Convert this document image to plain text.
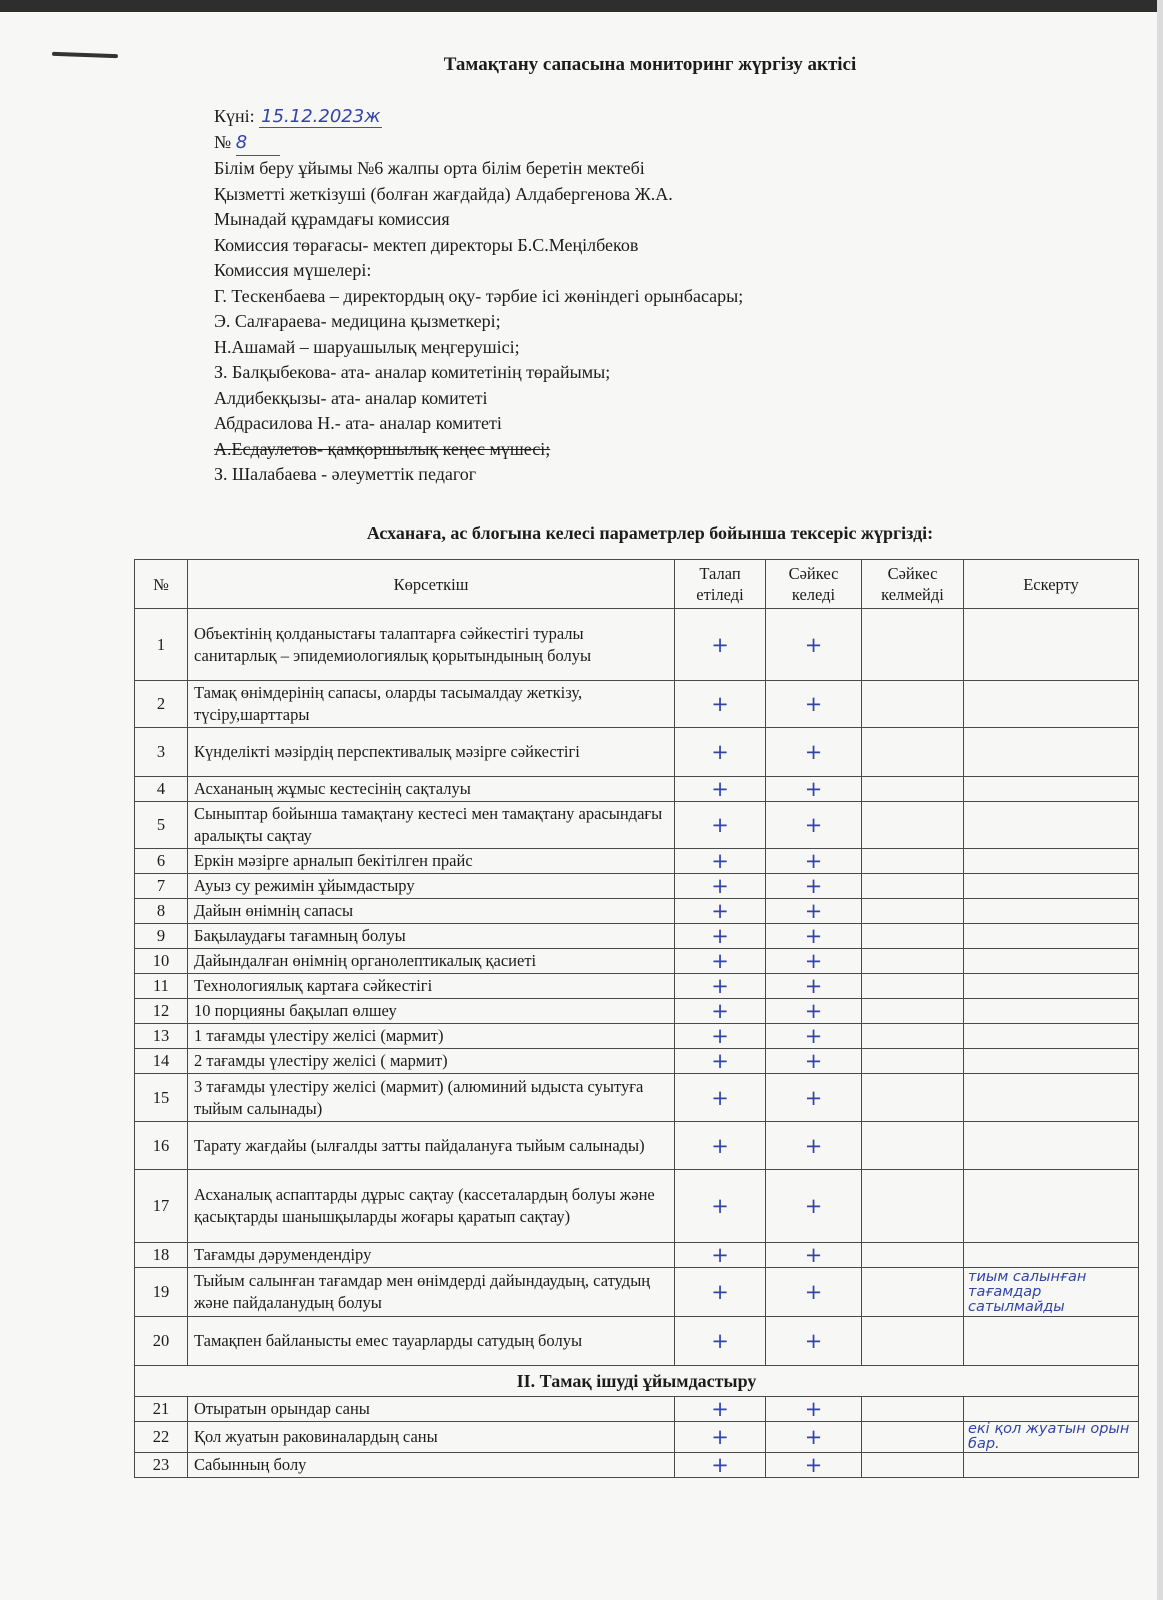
Тамақтану сапасына мониторинг жүргізу актісі
Күні: 15.12.2023ж
№ 8
Білім беру ұйымы №6 жалпы орта білім беретін мектебі
Қызметті жеткізуші (болған жағдайда) Алдабергенова Ж.А.
Мынадай құрамдағы комиссия
Комиссия төрағасы- мектеп директоры Б.С.Меңілбеков
Комиссия мүшелері:
Г. Тескенбаева – директордың оқу- тәрбие ісі жөніндегі орынбасары;
Э. Салғараева- медицина қызметкері;
Н.Ашамай – шаруашылық меңгерушісі;
З. Балқыбекова- ата- аналар комитетінің төрайымы;
Алдибекқызы- ата- аналар комитеті
Абдрасилова Н.- ата- аналар комитеті
А.Есдаулетов- қамқоршылық кеңес мүшесі;
З. Шалабаева - әлеуметтік педагог
Асханаға, ас блогына келесі параметрлер бойынша тексеріс жүргізді:
№	Көрсеткіш	Талап етіледі	Сәйкес келеді	Сәйкес келмейді	Ескерту
1	Объектінің қолданыстағы талаптарға сәйкестігі туралы санитарлық – эпидемиологиялық қорытындының болуы	+	+		
2	Тамақ өнімдерінің сапасы, оларды тасымалдау жеткізу, түсіру,шарттары	+	+		
3	Күнделікті мәзірдің перспективалық мәзірге сәйкестігі	+	+		
4	Асхананың жұмыс кестесінің сақталуы	+	+		
5	Сыныптар бойынша тамақтану кестесі мен тамақтану арасындағы аралықты сақтау	+	+		
6	Еркін мәзірге арналып бекітілген прайс	+	+		
7	Ауыз су режимін ұйымдастыру	+	+		
8	Дайын өнімнің сапасы	+	+		
9	Бақылаудағы тағамның болуы	+	+		
10	Дайындалған өнімнің органолептикалық қасиеті	+	+		
11	Технологиялық картаға сәйкестігі	+	+		
12	10 порцияны бақылап өлшеу	+	+		
13	1 тағамды үлестіру желісі (мармит)	+	+		
14	2 тағамды үлестіру желісі ( мармит)	+	+		
15	3 тағамды үлестіру желісі (мармит) (алюминий ыдыста суытуға тыйым салынады)	+	+		
16	Тарату жағдайы (ылғалды затты пайдалануға тыйым салынады)	+	+		
17	Асханалық аспаптарды дұрыс сақтау (кассеталардың болуы және қасықтарды шанышқыларды жоғары қаратып сақтау)	+	+		
18	Тағамды дәрумендендіру	+	+		
19	Тыйым салынған тағамдар мен өнімдерді дайындаудың, сатудың және пайдаланудың болуы	+	+		тиым салынған тағамдар сатылмайды
20	Тамақпен байланысты емес тауарларды сатудың болуы	+	+		
ІІ. Тамақ ішуді ұйымдастыру					
21	Отыратын орындар саны	+	+		
22	Қол жуатын раковиналардың саны	+	+		екі қол жуатын орын бар.
23	Сабынның болу	+	+		
